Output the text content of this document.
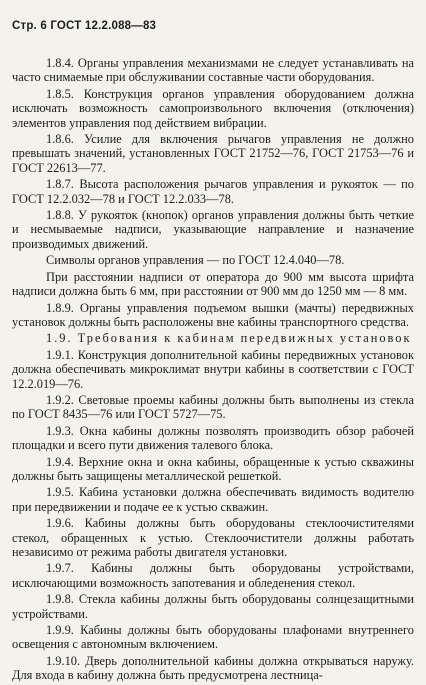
Стр. 6 ГОСТ 12.2.088—83

1.8.4. Органы управления механизмами не следует устанавливать на часто снимаемые при обслуживании составные части оборудования.

1.8.5. Конструкция органов управления оборудованием должна исключать возможность самопроизвольного включения (отключения) элементов управления под действием вибрации.

1.8.6. Усилие для включения рычагов управления не должно превышать значений, установленных ГОСТ 21752—76, ГОСТ 21753—76 и ГОСТ 22613—77.

1.8.7. Высота расположения рычагов управления и рукояток — по ГОСТ 12.2.032—78 и ГОСТ 12.2.033—78.

1.8.8. У рукояток (кнопок) органов управления должны быть четкие и несмываемые надписи, указывающие направление и назначение производимых движений.

Символы органов управления — по ГОСТ 12.4.040—78.

При расстоянии надписи от оператора до 900 мм высота шрифта надписи должна быть 6 мм, при расстоянии от 900 мм до 1250 мм — 8 мм.

1.8.9. Органы управления подъемом вышки (мачты) передвижных установок должны быть расположены вне кабины транспортного средства.

1.9. Требования к кабинам передвижных установок

1.9.1. Конструкция дополнительной кабины передвижных установок должна обеспечивать микроклимат внутри кабины в соответствии с ГОСТ 12.2.019—76.

1.9.2. Световые проемы кабины должны быть выполнены из стекла по ГОСТ 8435—76 или ГОСТ 5727—75.

1.9.3. Окна кабины должны позволять производить обзор рабочей площадки и всего пути движения талевого блока.

1.9.4. Верхние окна и окна кабины, обращенные к устью скважины должны быть защищены металлической решеткой.

1.9.5. Кабина установки должна обеспечивать видимость водителю при передвижении и подаче ее к устью скважин.

1.9.6. Кабины должны быть оборудованы стеклоочистителями стекол, обращенных к устью. Стеклоочистители должны работать независимо от режима работы двигателя установки.

1.9.7. Кабины должны быть оборудованы устройствами, исключающими возможность запотевания и обледенения стекол.

1.9.8. Стекла кабины должны быть оборудованы солнцезащитными устройствами.

1.9.9. Кабины должны быть оборудованы плафонами внутреннего освещения с автономным включением.

1.9.10. Дверь дополнительной кабины должна открываться наружу. Для входа в кабину должна быть предусмотрена лестница-
